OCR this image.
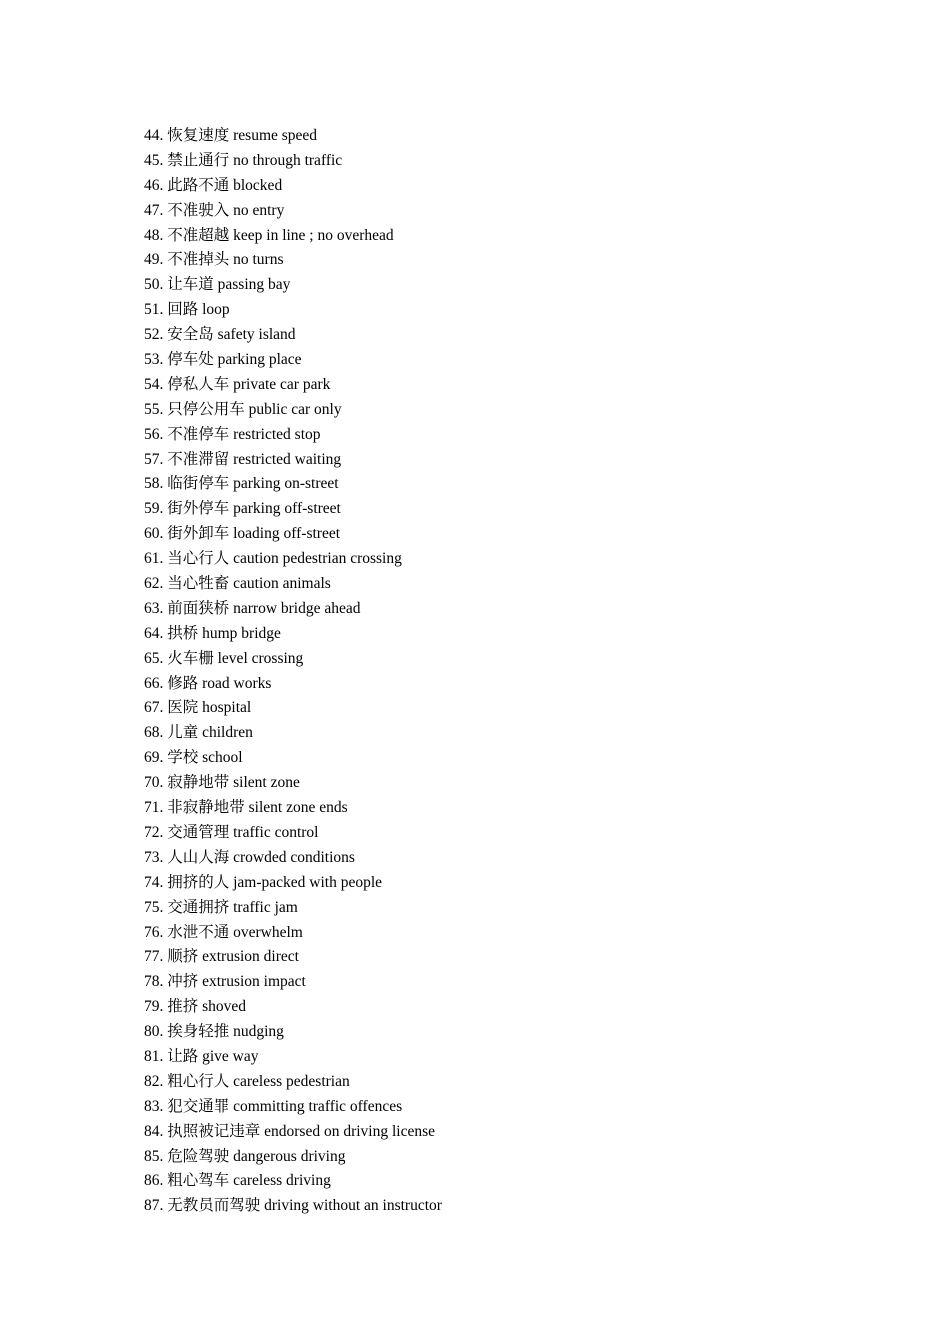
44. 恢复速度 resume speed
45. 禁止通行 no through traffic
46. 此路不通 blocked
47. 不准驶入 no entry
48. 不准超越 keep in line ; no overhead
49. 不准掉头 no turns
50. 让车道 passing bay
51. 回路 loop
52. 安全岛 safety island
53. 停车处 parking place
54. 停私人车 private car park
55. 只停公用车 public car only
56. 不准停车 restricted stop
57. 不准滞留 restricted waiting
58. 临街停车 parking on-street
59. 街外停车 parking off-street
60. 街外卸车 loading off-street
61. 当心行人 caution pedestrian crossing
62. 当心牲畜 caution animals
63. 前面狭桥 narrow bridge ahead
64. 拱桥 hump bridge
65. 火车栅 level crossing
66. 修路 road works
67. 医院 hospital
68. 儿童 children
69. 学校 school
70. 寂静地带 silent zone
71. 非寂静地带 silent zone ends
72. 交通管理 traffic control
73. 人山人海 crowded conditions
74. 拥挤的人 jam-packed with people
75. 交通拥挤 traffic jam
76. 水泄不通 overwhelm
77. 顺挤 extrusion direct
78. 冲挤 extrusion impact
79. 推挤 shoved
80. 挨身轻推 nudging
81. 让路 give way
82. 粗心行人 careless pedestrian
83. 犯交通罪 committing traffic offences
84. 执照被记违章 endorsed on driving license
85. 危险驾驶 dangerous driving
86. 粗心驾车 careless driving
87. 无教员而驾驶 driving without an instructor
